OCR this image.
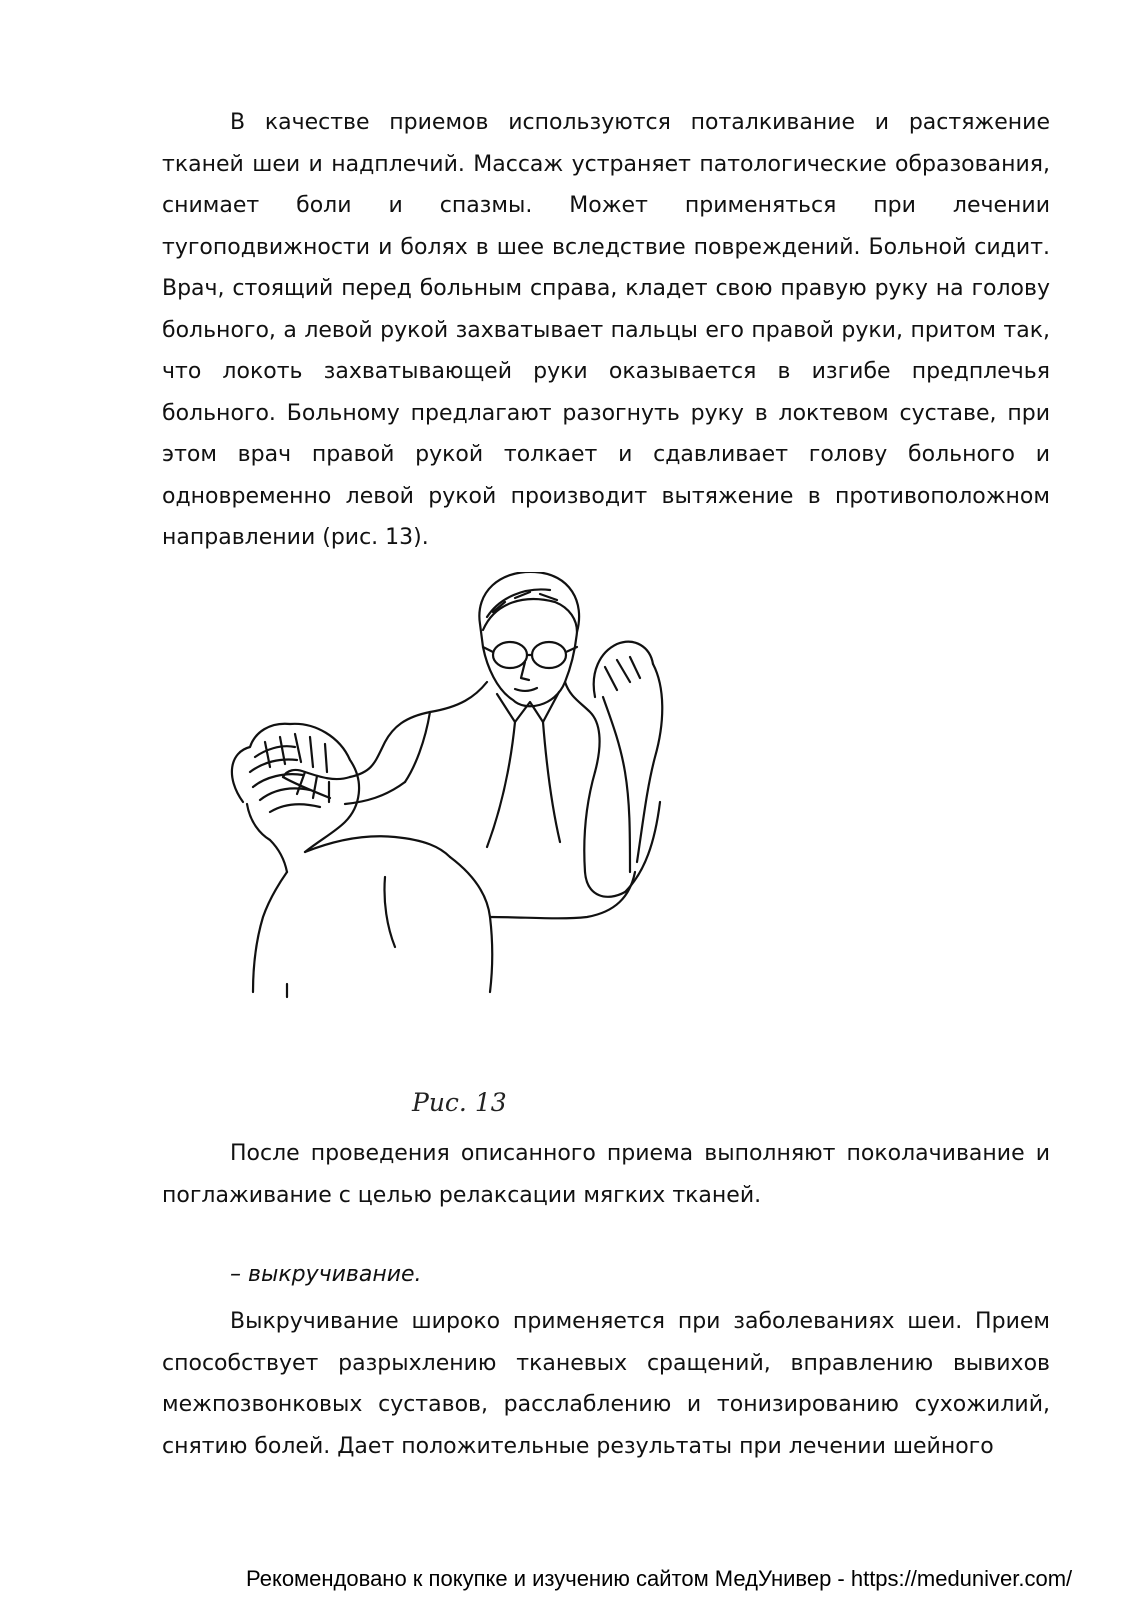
В качестве приемов используются поталкивание и растяжение тканей шеи и надплечий. Массаж устраняет патологические образования, снимает боли и спазмы. Может применяться при лечении тугоподвижности и болях в шее вследствие повреждений. Больной сидит. Врач, стоящий перед больным справа, кладет свою правую руку на голову больного, а левой рукой захватывает пальцы его правой руки, притом так, что локоть захватывающей руки оказывается в изгибе предплечья больного. Больному предлагают разогнуть руку в локтевом суставе, при этом врач правой рукой толкает и сдавливает голову больного и одновременно левой рукой производит вытяжение в противоположном направлении (рис. 13).

Рис. 13

После проведения описанного приема выполняют поколачивание и поглаживание с целью релаксации мягких тканей.

– выкручивание.

Выкручивание широко применяется при заболеваниях шеи. Прием способствует разрыхлению тканевых сращений, вправлению вывихов межпозвонковых суставов, расслаблению и тонизированию сухожилий, снятию болей. Дает положительные результаты при лечении шейного

Рекомендовано к покупке и изучению сайтом МедУнивер - https://meduniver.com/
